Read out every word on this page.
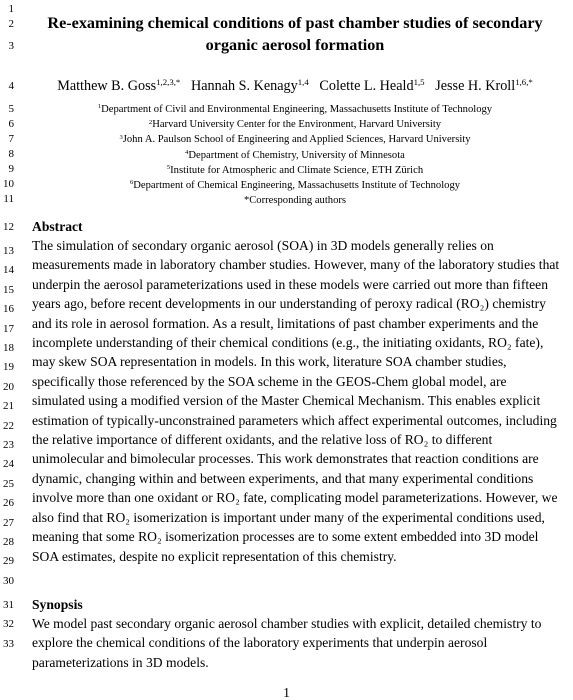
1
2
3
4
5
6
7
8
9
10
11
12
13
14
15
16
17
18
19
20
21
22
23
24
25
26
27
28
29
30
31
32
33
Re-examining chemical conditions of past chamber studies of secondary
organic aerosol formation
Matthew B. Goss$^{1,2,3,*}$ Hannah S. Kenagy$^{1,4}$ Colette L. Heald$^{1,5}$ Jesse H. Kroll$^{1,6,*}$
$^1$Department of Civil and Environmental Engineering, Massachusetts Institute of Technology
$^2$Harvard University Center for the Environment, Harvard University
$^3$John A. Paulson School of Engineering and Applied Sciences, Harvard University
$^4$Department of Chemistry, University of Minnesota
$^5$Institute for Atmospheric and Climate Science, ETH Zürich
$^6$Department of Chemical Engineering, Massachusetts Institute of Technology
*Corresponding authors
Abstract
The simulation of secondary organic aerosol (SOA) in 3D models generally relies on
measurements made in laboratory chamber studies. However, many of the laboratory studies that
underpin the aerosol parameterizations used in these models were carried out more than fifteen
years ago, before recent developments in our understanding of peroxy radical (RO₂) chemistry
and its role in aerosol formation. As a result, limitations of past chamber experiments and the
incomplete understanding of their chemical conditions (e.g., the initiating oxidants, RO₂ fate),
may skew SOA representation in models. In this work, literature SOA chamber studies,
specifically those referenced by the SOA scheme in the GEOS-Chem global model, are
simulated using a modified version of the Master Chemical Mechanism. This enables explicit
estimation of typically-unconstrained parameters which affect experimental outcomes, including
the relative importance of different oxidants, and the relative loss of RO₂ to different
unimolecular and bimolecular processes. This work demonstrates that reaction conditions are
dynamic, changing within and between experiments, and that many experimental conditions
involve more than one oxidant or RO₂ fate, complicating model parameterizations. However, we
also find that RO₂ isomerization is important under many of the experimental conditions used,
meaning that some RO₂ isomerization processes are to some extent embedded into 3D model
SOA estimates, despite no explicit representation of this chemistry.
Synopsis
We model past secondary organic aerosol chamber studies with explicit, detailed chemistry to
explore the chemical conditions of the laboratory experiments that underpin aerosol
parameterizations in 3D models.
1
